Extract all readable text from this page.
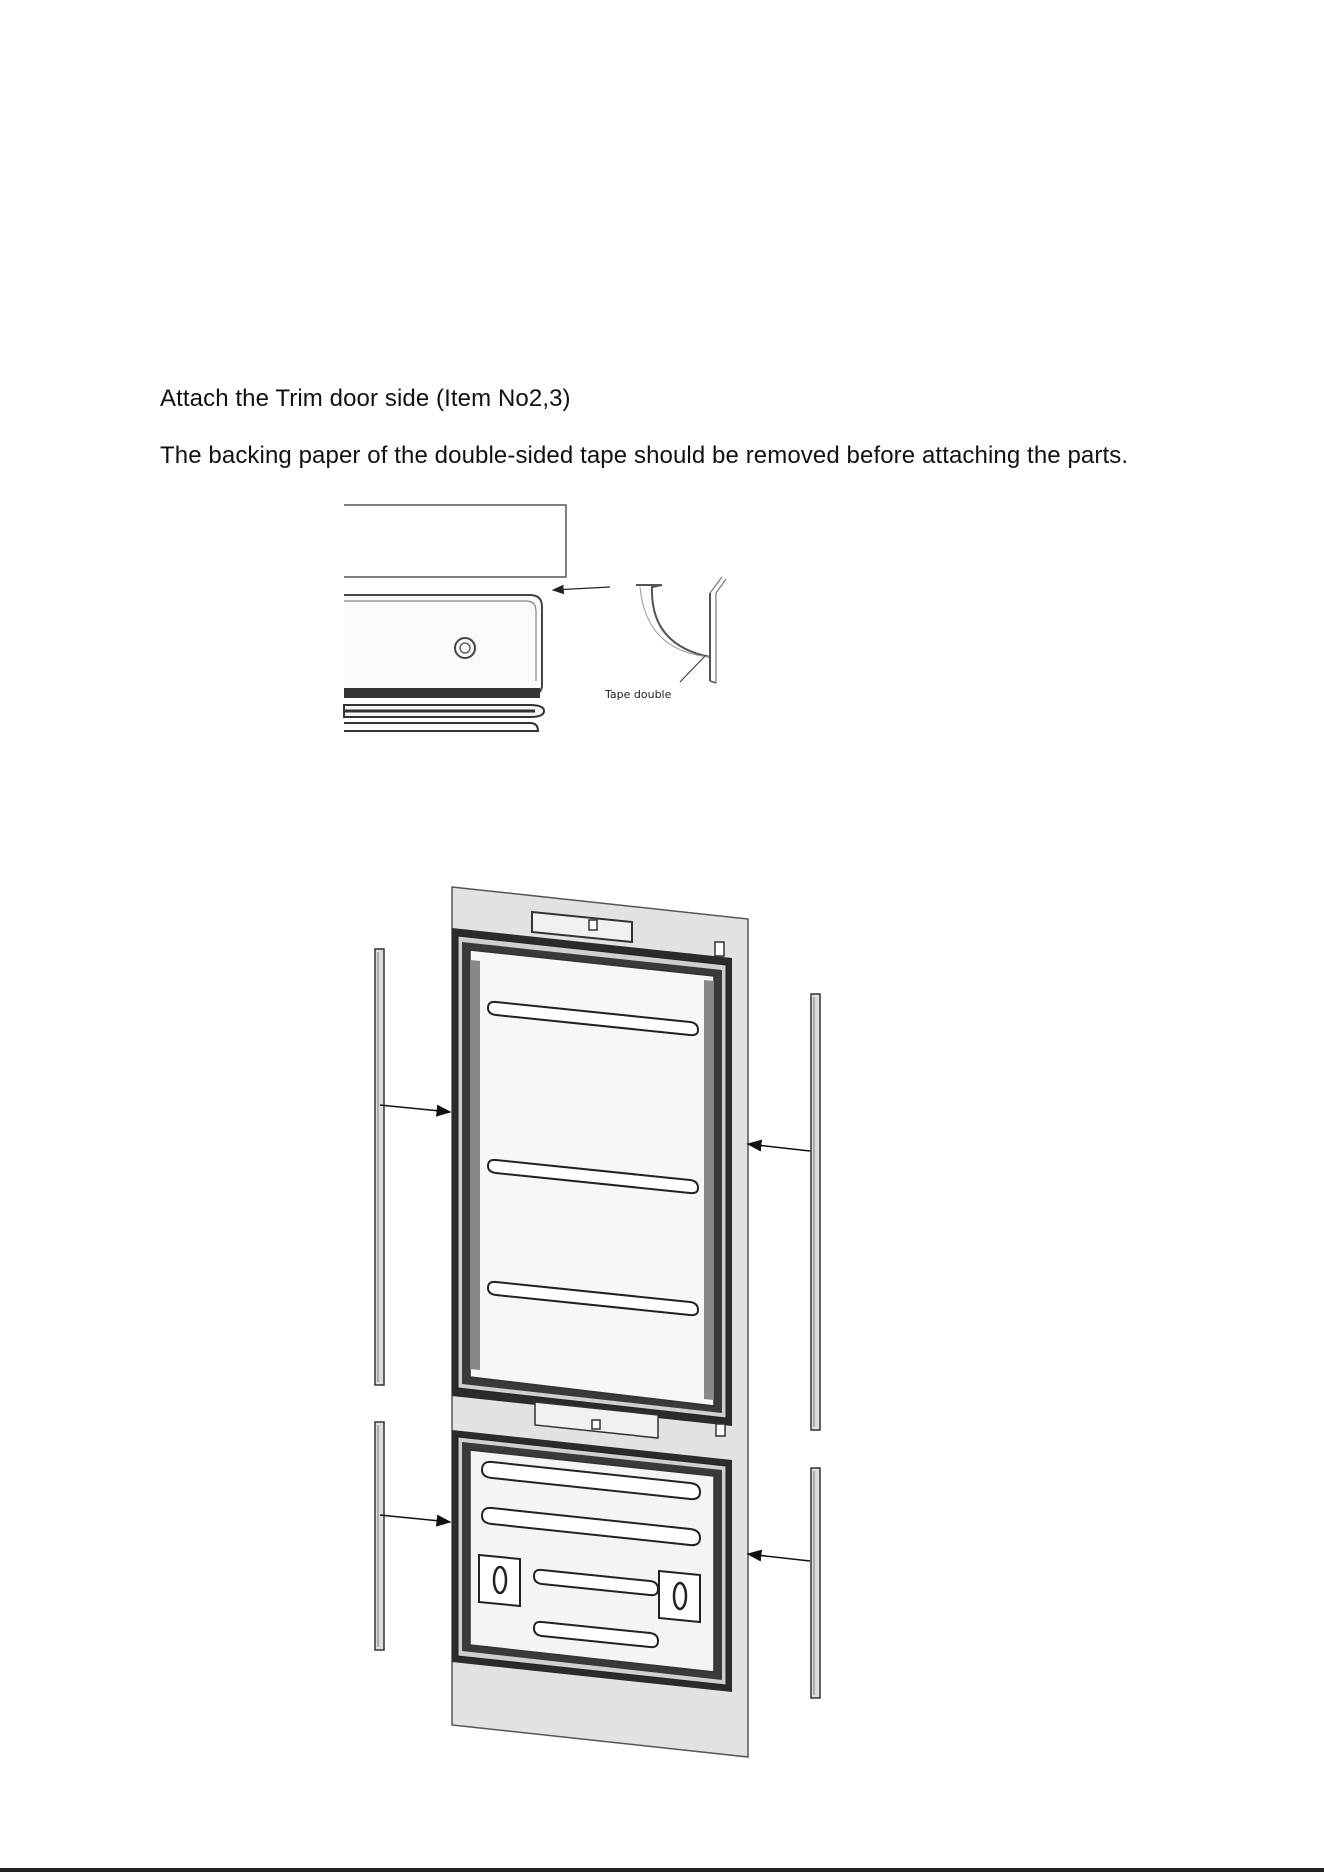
Attach the Trim door side (Item No2,3)
The backing paper of the double-sided tape should be removed before attaching the parts.
Tape double
